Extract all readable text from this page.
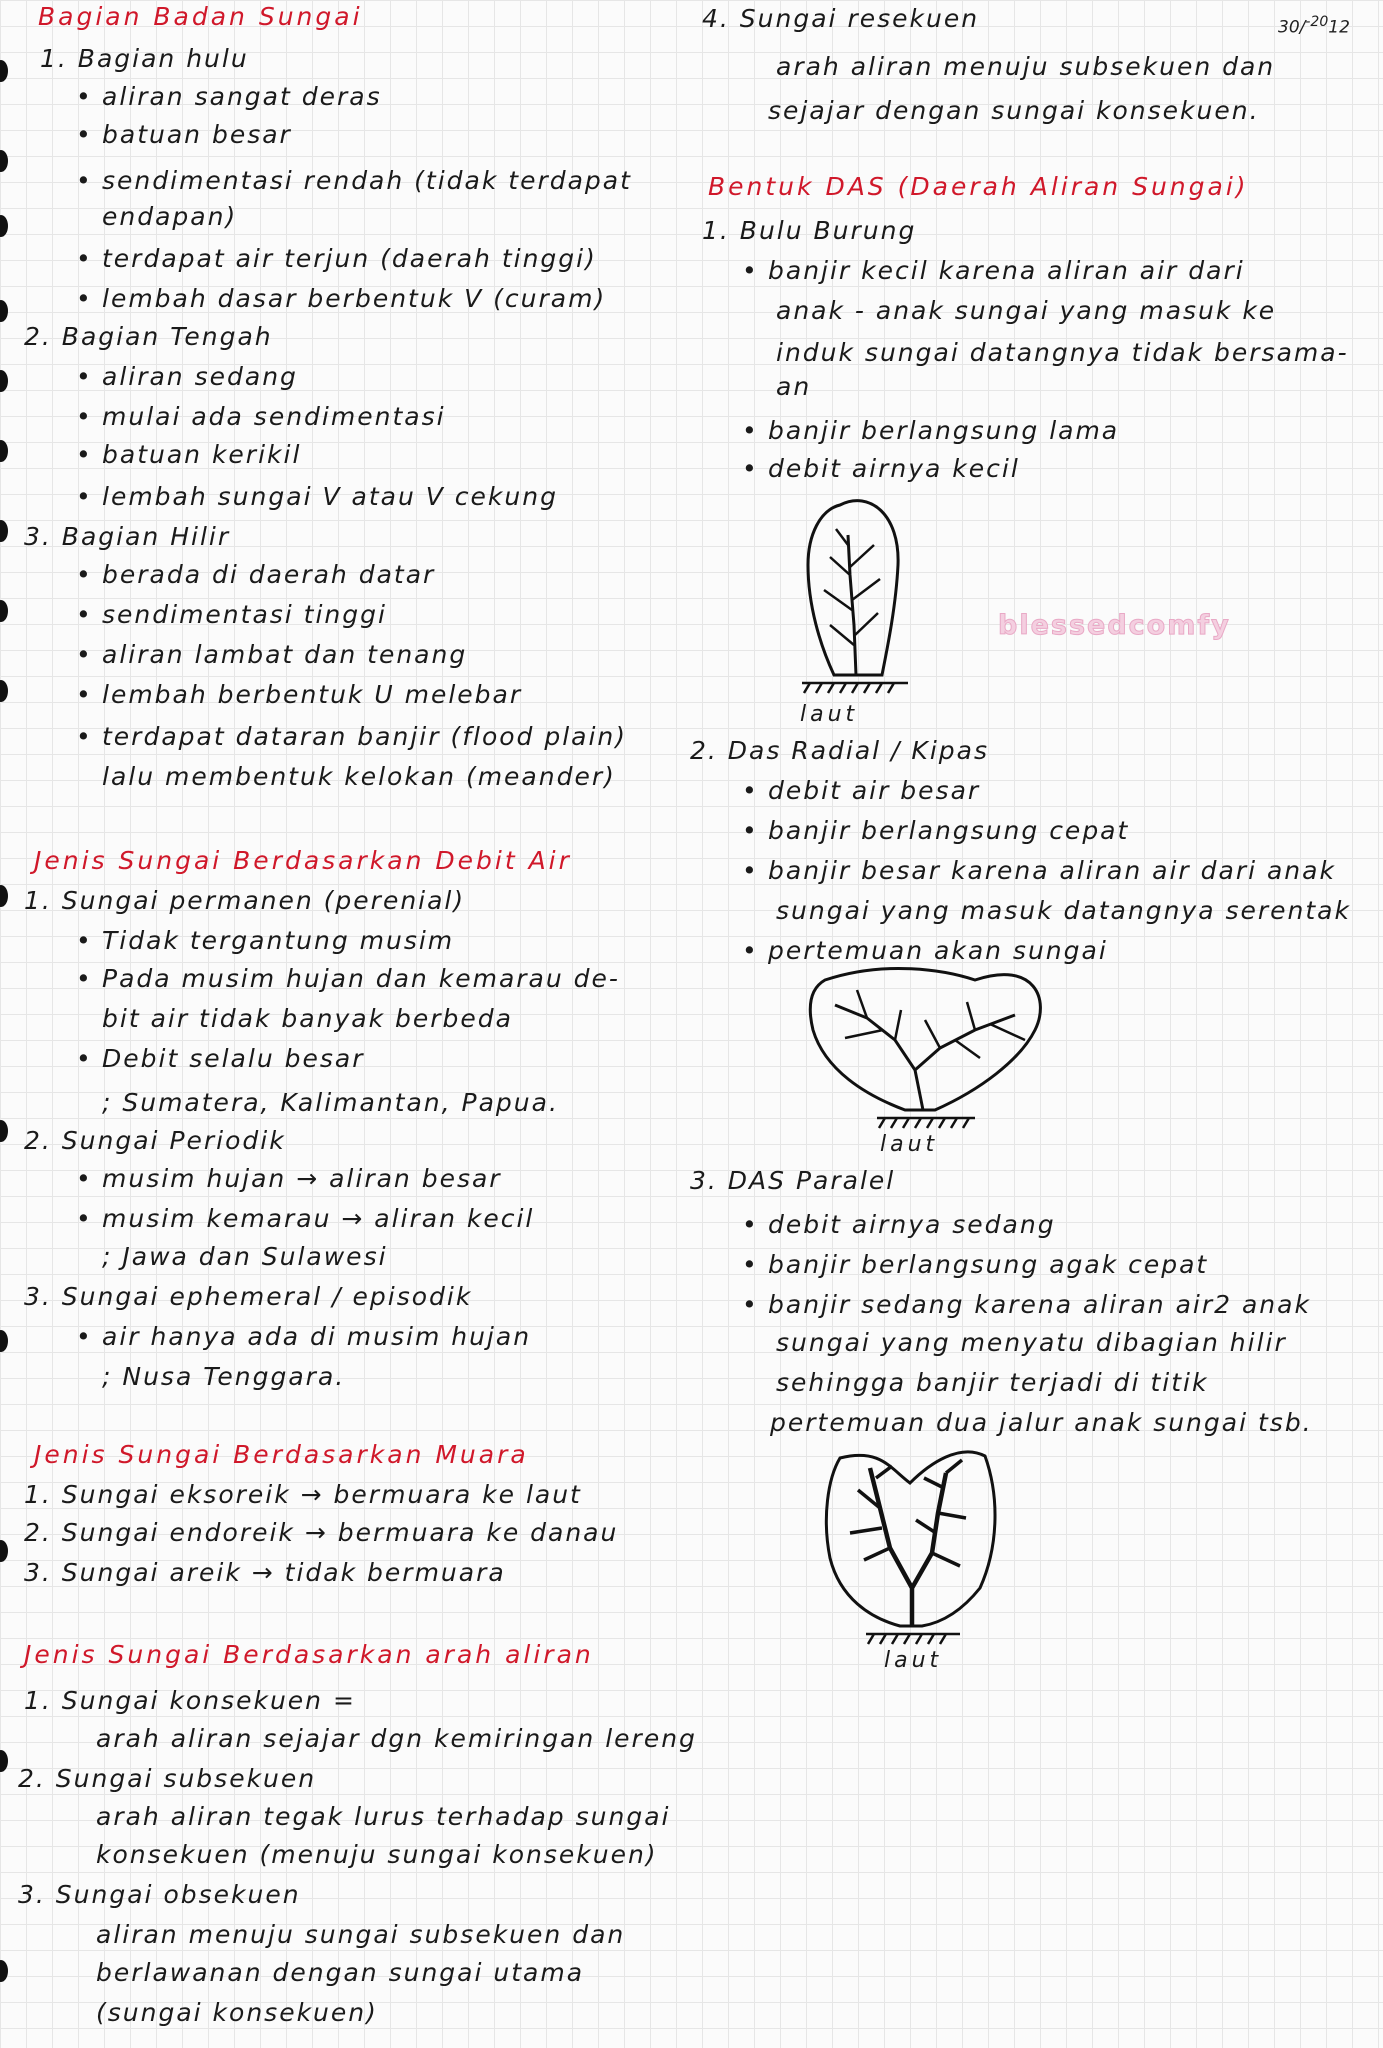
30/$^{-20}$12
Bagian Badan Sungai
1. Bagian hulu
• aliran sangat deras
• batuan besar
• sendimentasi rendah (tidak terdapat
endapan)
• terdapat air terjun (daerah tinggi)
• lembah dasar berbentuk V (curam)
2. Bagian Tengah
• aliran sedang
• mulai ada sendimentasi
• batuan kerikil
• lembah sungai V atau V cekung
3. Bagian Hilir
• berada di daerah datar
• sendimentasi tinggi
• aliran lambat dan tenang
• lembah berbentuk U melebar
• terdapat dataran banjir (flood plain)
lalu membentuk kelokan (meander)
Jenis Sungai Berdasarkan Debit Air
1. Sungai permanen (perenial)
• Tidak tergantung musim
• Pada musim hujan dan kemarau de-
bit air tidak banyak berbeda
• Debit selalu besar
; Sumatera, Kalimantan, Papua.
2. Sungai Periodik
• musim hujan → aliran besar
• musim kemarau → aliran kecil
; Jawa dan Sulawesi
3. Sungai ephemeral / episodik
• air hanya ada di musim hujan
; Nusa Tenggara.
Jenis Sungai Berdasarkan Muara
1. Sungai eksoreik → bermuara ke laut
2. Sungai endoreik → bermuara ke danau
3. Sungai areik → tidak bermuara
Jenis Sungai Berdasarkan arah aliran
1. Sungai konsekuen =
arah aliran sejajar dgn kemiringan lereng
2. Sungai subsekuen
arah aliran tegak lurus terhadap sungai
konsekuen (menuju sungai konsekuen)
3. Sungai obsekuen
aliran menuju sungai subsekuen dan
berlawanan dengan sungai utama
(sungai konsekuen)
4. Sungai resekuen
arah aliran menuju subsekuen dan
sejajar dengan sungai konsekuen.
Bentuk DAS (Daerah Aliran Sungai)
1. Bulu Burung
• banjir kecil karena aliran air dari
anak - anak sungai yang masuk ke
induk sungai datangnya tidak bersama-
an
• banjir berlangsung lama
• debit airnya kecil
laut
2. Das Radial / Kipas
• debit air besar
• banjir berlangsung cepat
• banjir besar karena aliran air dari anak
sungai yang masuk datangnya serentak
• pertemuan akan sungai
laut
3. DAS Paralel
• debit airnya sedang
• banjir berlangsung agak cepat
• banjir sedang karena aliran air2 anak
sungai yang menyatu dibagian hilir
sehingga banjir terjadi di titik
pertemuan dua jalur anak sungai tsb.
laut
blessedcomfy
